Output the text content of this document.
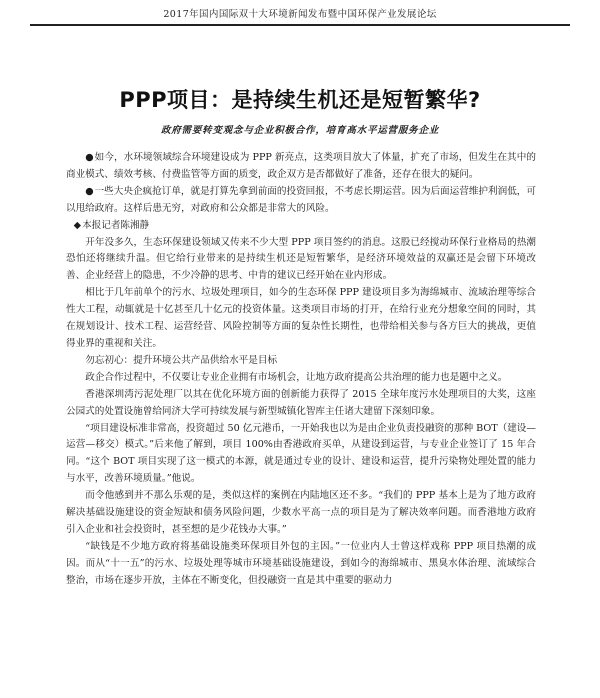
2017年国内国际双十大环境新闻发布暨中国环保产业发展论坛
PPP项目：是持续生机还是短暂繁华?
政府需要转变观念与企业积极合作，培育高水平运营服务企业

●如今，水环境领域综合环境建设成为 PPP 新亮点，这类项目放大了体量，扩充了市场，但发生在其中的商业模式、绩效考核、付费监管等方面的质变，政企双方是否都做好了准备，还存在很大的疑问。

●一些大央企疯抢订单，就是打算先拿到前面的投资回报，不考虑长期运营。因为后面运营维护利润低，可以甩给政府。这样后患无穷，对政府和公众都是非常大的风险。

◆本报记者陈湘静

开年没多久，生态环保建设领域又传来不少大型 PPP 项目签约的消息。这股已经搅动环保行业格局的热潮恐怕还将继续升温。但它给行业带来的是持续生机还是短暂繁华，是经济环境效益的双赢还是会留下环境改善、企业经营上的隐患，不少冷静的思考、中肯的建议已经开始在业内形成。

相比于几年前单个的污水、垃圾处理项目，如今的生态环保 PPP 建设项目多为海绵城市、流域治理等综合性大工程，动辄就是十亿甚至几十亿元的投资体量。这类项目市场的打开，在给行业充分想象空间的同时，其在规划设计、技术工程、运营经营、风险控制等方面的复杂性长期性，也带给相关参与各方巨大的挑战，更值得业界的重视和关注。

勿忘初心：提升环境公共产品供给水平是目标

政企合作过程中，不仅要让专业企业拥有市场机会，让地方政府提高公共治理的能力也是题中之义。

香港深圳湾污泥处理厂以其在优化环境方面的创新能力获得了 2015 全球年度污水处理项目的大奖，这座公园式的处置设施曾给同济大学可持续发展与新型城镇化智库主任诸大建留下深刻印象。

“项目建设标准非常高，投资超过 50 亿元港币，一开始我也以为是由企业负责投融资的那种 BOT（建设—运营—移交）模式。”后来他了解到，项目 100%由香港政府买单，从建设到运营，与专业企业签订了 15 年合同。“这个 BOT 项目实现了这一模式的本源，就是通过专业的设计、建设和运营，提升污染物处理处置的能力与水平，改善环境质量。”他说。

而令他感到并不那么乐观的是，类似这样的案例在内陆地区还不多。“我们的 PPP 基本上是为了地方政府解决基础设施建设的资金短缺和债务风险问题，少数水平高一点的项目是为了解决效率问题。而香港地方政府引入企业和社会投资时，甚至想的是少花钱办大事。”

“缺钱是不少地方政府将基础设施类环保项目外包的主因。”一位业内人士曾这样戏称 PPP 项目热潮的成因。而从“十一五”的污水、垃圾处理等城市环境基础设施建设，到如今的海绵城市、黑臭水体治理、流域综合整治，市场在逐步开放，主体在不断变化，但投融资一直是其中重要的驱动力
